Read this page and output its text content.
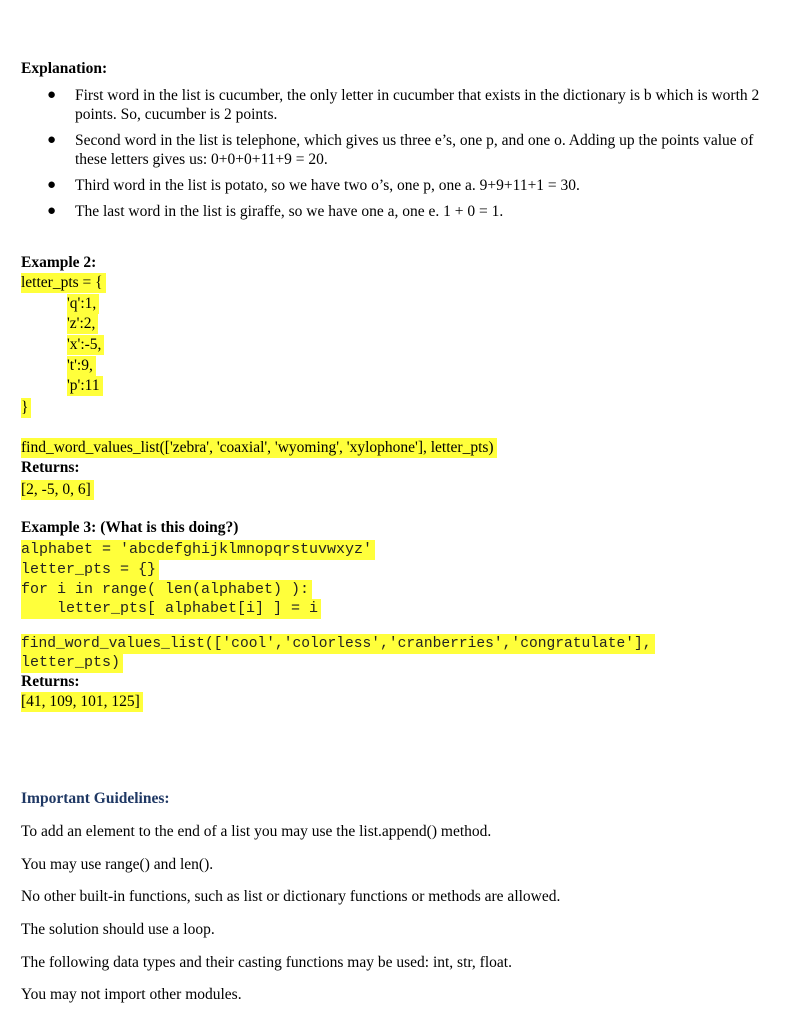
Explanation:
● First word in the list is cucumber, the only letter in cucumber that exists in the dictionary is b which is worth 2 points. So, cucumber is 2 points.
● Second word in the list is telephone, which gives us three e’s, one p, and one o. Adding up the points value of these letters gives us: 0+0+0+11+9 = 20.
● Third word in the list is potato, so we have two o’s, one p, one a. 9+9+11+1 = 30.
● The last word in the list is giraffe, so we have one a, one e. 1 + 0 = 1.
Example 2:
letter_pts = {
'q':1,
'z':2,
'x':-5,
't':9,
'p':11
}
find_word_values_list(['zebra', 'coaxial', 'wyoming', 'xylophone'], letter_pts)
Returns:
[2, -5, 0, 6]
Example 3: (What is this doing?)
alphabet = 'abcdefghijklmnopqrstuvwxyz'
letter_pts = {}
for i in range( len(alphabet) ):
letter_pts[ alphabet[i] ] = i
find_word_values_list(['cool','colorless','cranberries','congratulate'],
letter_pts)
Returns:
[41, 109, 101, 125]
Important Guidelines:
To add an element to the end of a list you may use the list.append() method.
You may use range() and len().
No other built-in functions, such as list or dictionary functions or methods are allowed.
The solution should use a loop.
The following data types and their casting functions may be used: int, str, float.
You may not import other modules.
